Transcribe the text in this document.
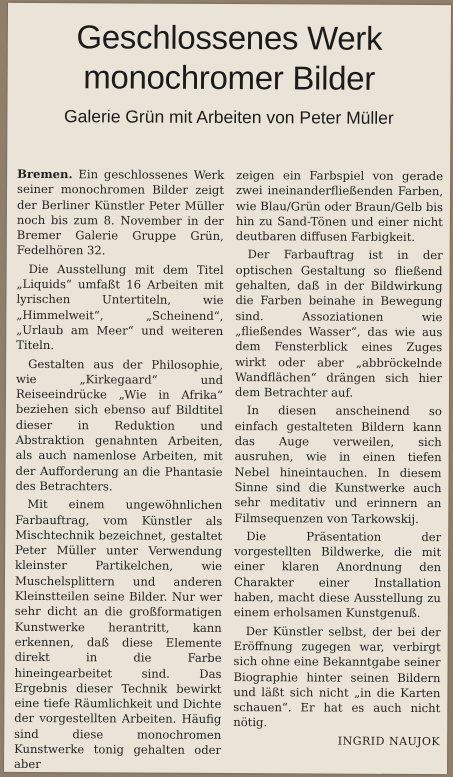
Geschlossenes Werk
monochromer Bilder
Galerie Grün mit Arbeiten von Peter Müller

Bremen. Ein geschlossenes Werk seiner monochromen Bilder zeigt der Berliner Künstler Peter Müller noch bis zum 8. November in der Bremer Galerie Gruppe Grün, Fedelhören 32.

Die Ausstellung mit dem Titel „Liquids“ umfaßt 16 Arbeiten mit lyrischen Untertiteln, wie „Himmelweit“, „Scheinend“, „Urlaub am Meer“ und weiteren Titeln.

Gestalten aus der Philosophie, wie „Kirkegaard“ und Reiseeindrücke „Wie in Afrika“ beziehen sich ebenso auf Bildtitel dieser in Reduktion und Abstraktion genahnten Arbeiten, als auch namenlose Arbeiten, mit der Aufforderung an die Phantasie des Betrachters.

Mit einem ungewöhnlichen Farbauftrag, vom Künstler als Mischtechnik bezeichnet, gestaltet Peter Müller unter Verwendung kleinster Partikelchen, wie Muschelsplittern und anderen Kleinstteilen seine Bilder. Nur wer sehr dicht an die großformatigen Kunstwerke herantritt, kann erkennen, daß diese Elemente direkt in die Farbe hineingearbeitet sind. Das Ergebnis dieser Technik bewirkt eine tiefe Räumlichkeit und Dichte der vorgestellten Arbeiten. Häufig sind diese monochromen Kunstwerke tonig gehalten oder aber

zeigen ein Farbspiel von gerade zwei ineinanderfließenden Farben, wie Blau/Grün oder Braun/Gelb bis hin zu Sand-Tönen und einer nicht deutbaren diffusen Farbigkeit.

Der Farbauftrag ist in der optischen Gestaltung so fließend gehalten, daß in der Bildwirkung die Farben beinahe in Bewegung sind. Assoziationen wie „fließendes Wasser“, das wie aus dem Fensterblick eines Zuges wirkt oder aber „abbröckelnde Wandflächen“ drängen sich hier dem Betrachter auf.

In diesen anscheinend so einfach gestalteten Bildern kann das Auge verweilen, sich ausruhen, wie in einen tiefen Nebel hineintauchen. In diesem Sinne sind die Kunstwerke auch sehr meditativ und erinnern an Filmsequenzen von Tarkowskij.

Die Präsentation der vorgestellten Bildwerke, die mit einer klaren Anordnung den Charakter einer Installation haben, macht diese Ausstellung zu einem erholsamen Kunstgenuß.

Der Künstler selbst, der bei der Eröffnung zugegen war, verbirgt sich ohne eine Bekanntgabe seiner Biographie hinter seinen Bildern und läßt sich nicht „in die Karten schauen“. Er hat es auch nicht nötig.

INGRID NAUJOK
